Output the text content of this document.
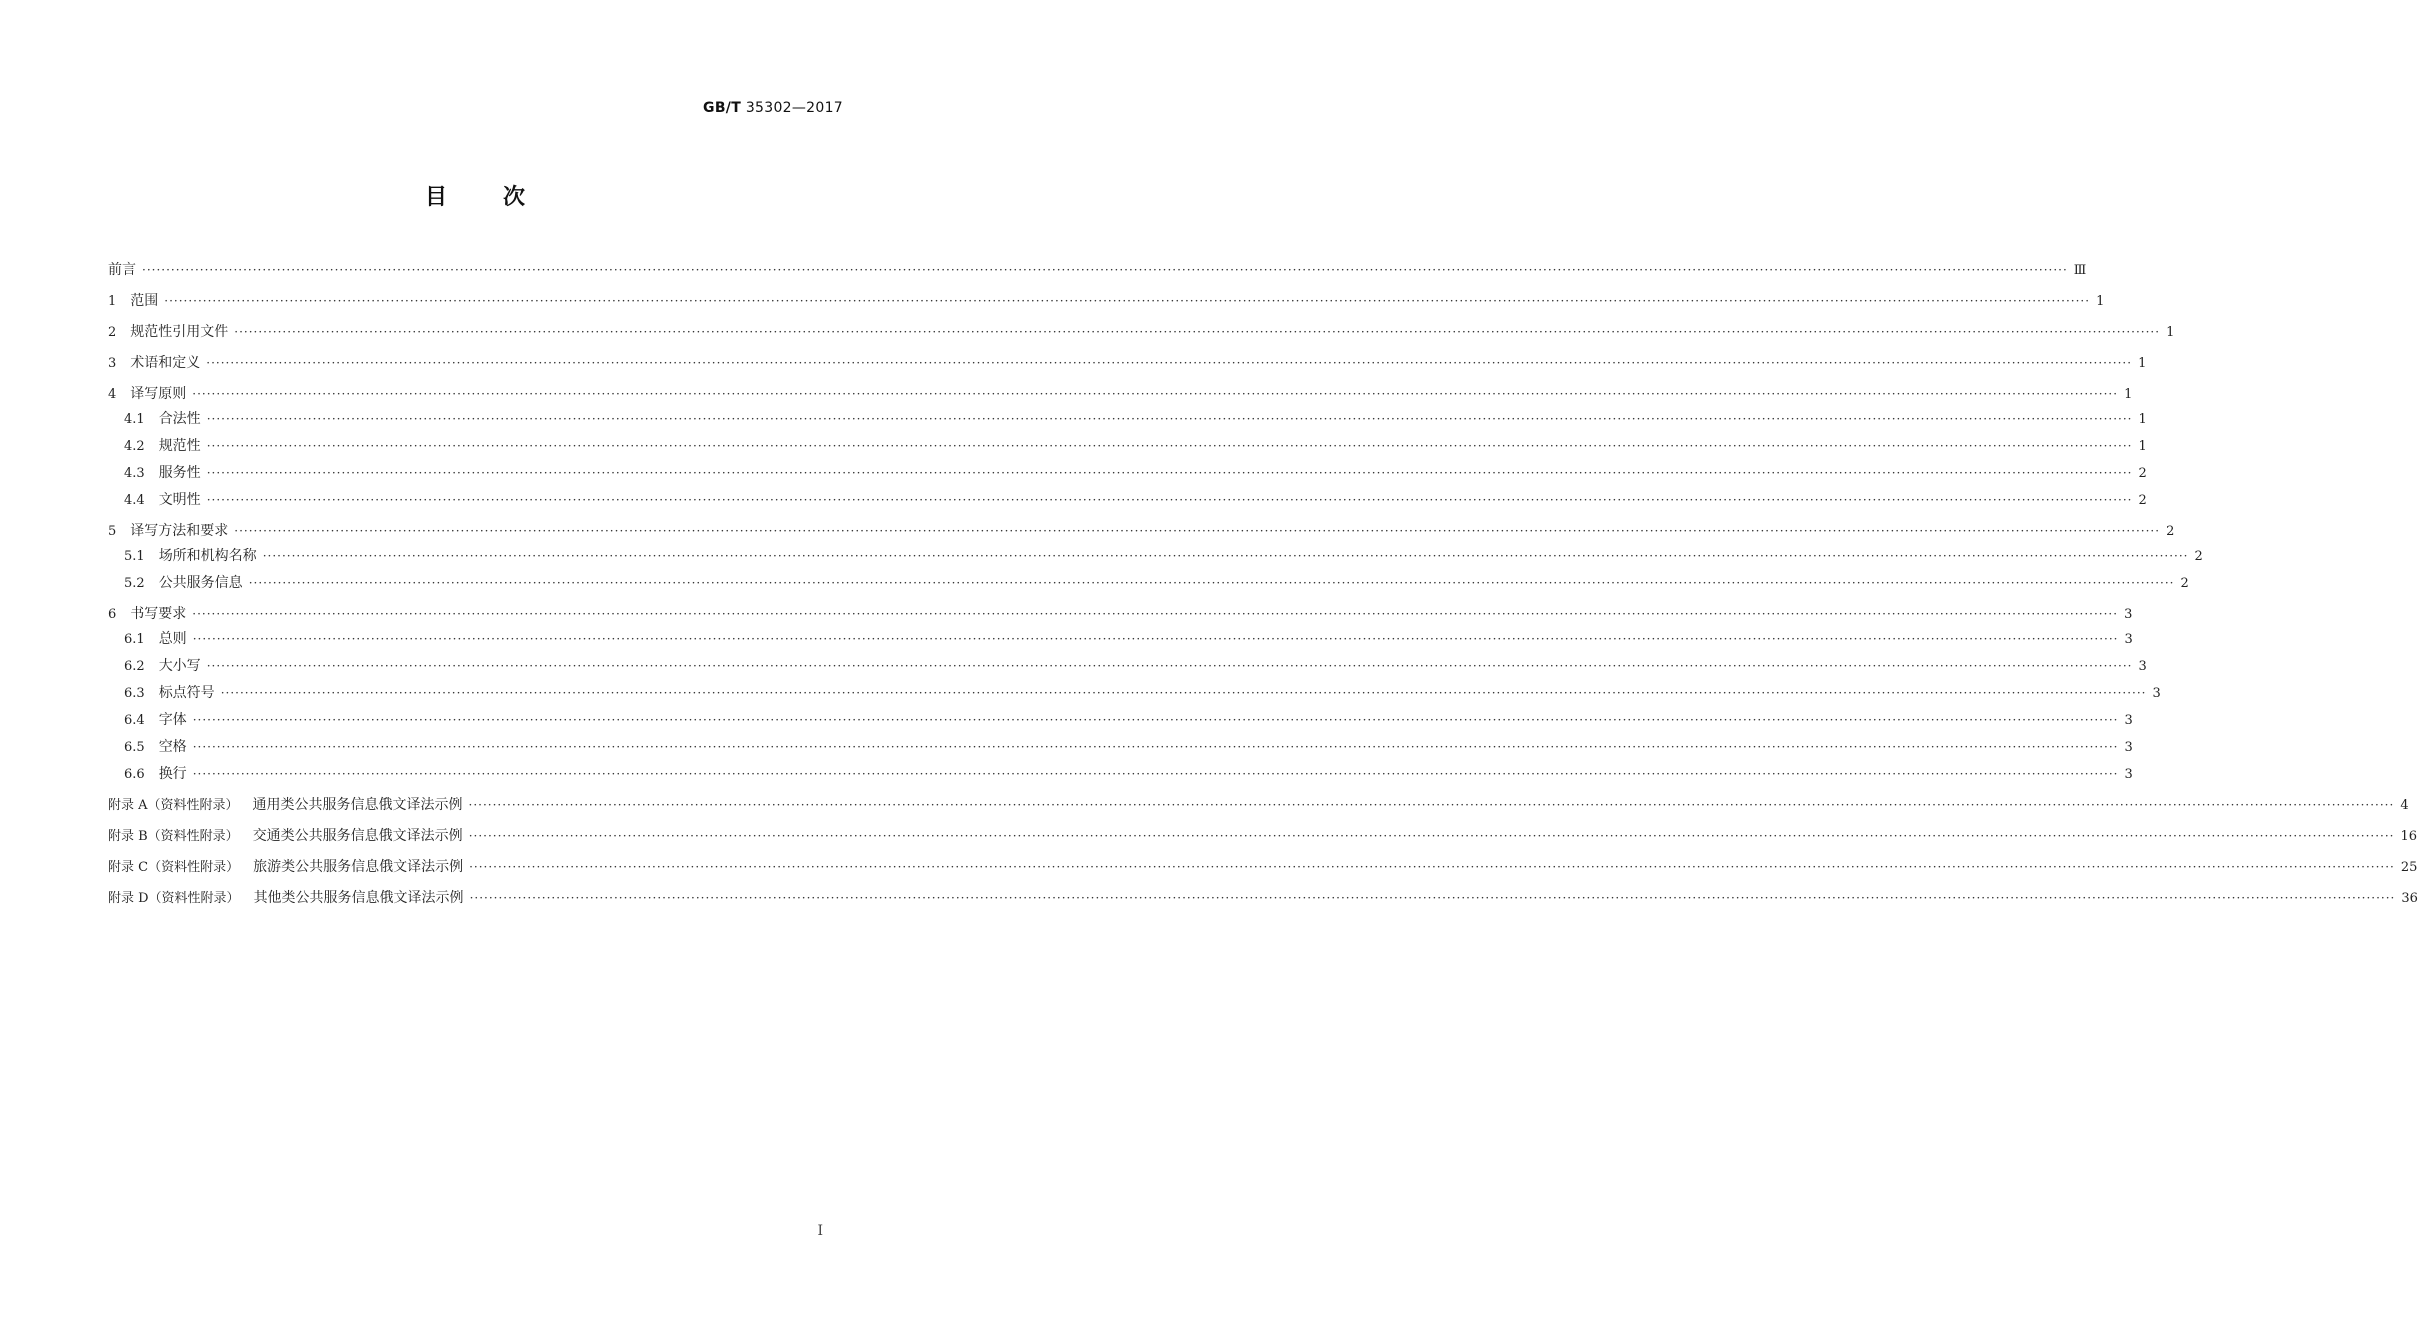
GB/T 35302—2017
目	次
前言 ················································································································································································································································································································································································································ Ⅲ
1 范围 ················································································································································································································································································································································································································ 1
2 规范性引用文件 ················································································································································································································································································································································································································ 1
3 术语和定义 ················································································································································································································································································································································································································ 1
4 译写原则 ················································································································································································································································································································································································································ 1
4.1 合法性 ················································································································································································································································································································································································································ 1
4.2 规范性 ················································································································································································································································································································································································································ 1
4.3 服务性 ················································································································································································································································································································································································································ 2
4.4 文明性 ················································································································································································································································································································································································································ 2
5 译写方法和要求 ················································································································································································································································································································································································································ 2
5.1 场所和机构名称 ················································································································································································································································································································································································································ 2
5.2 公共服务信息 ················································································································································································································································································································································································································ 2
6 书写要求 ················································································································································································································································································································································································································ 3
6.1 总则 ················································································································································································································································································································································································································ 3
6.2 大小写 ················································································································································································································································································································································································································ 3
6.3 标点符号 ················································································································································································································································································································································································································ 3
6.4 字体 ················································································································································································································································································································································································································ 3
6.5 空格 ················································································································································································································································································································································································································ 3
6.6 换行 ················································································································································································································································································································································································································ 3
附录 A（资料性附录） 通用类公共服务信息俄文译法示例 ················································································································································································································································································································································································································ 4
附录 B（资料性附录） 交通类公共服务信息俄文译法示例 ················································································································································································································································································································································································································ 16
附录 C（资料性附录） 旅游类公共服务信息俄文译法示例 ················································································································································································································································································································································································································ 25
附录 D（资料性附录） 其他类公共服务信息俄文译法示例 ················································································································································································································································································································································································································ 36
I
